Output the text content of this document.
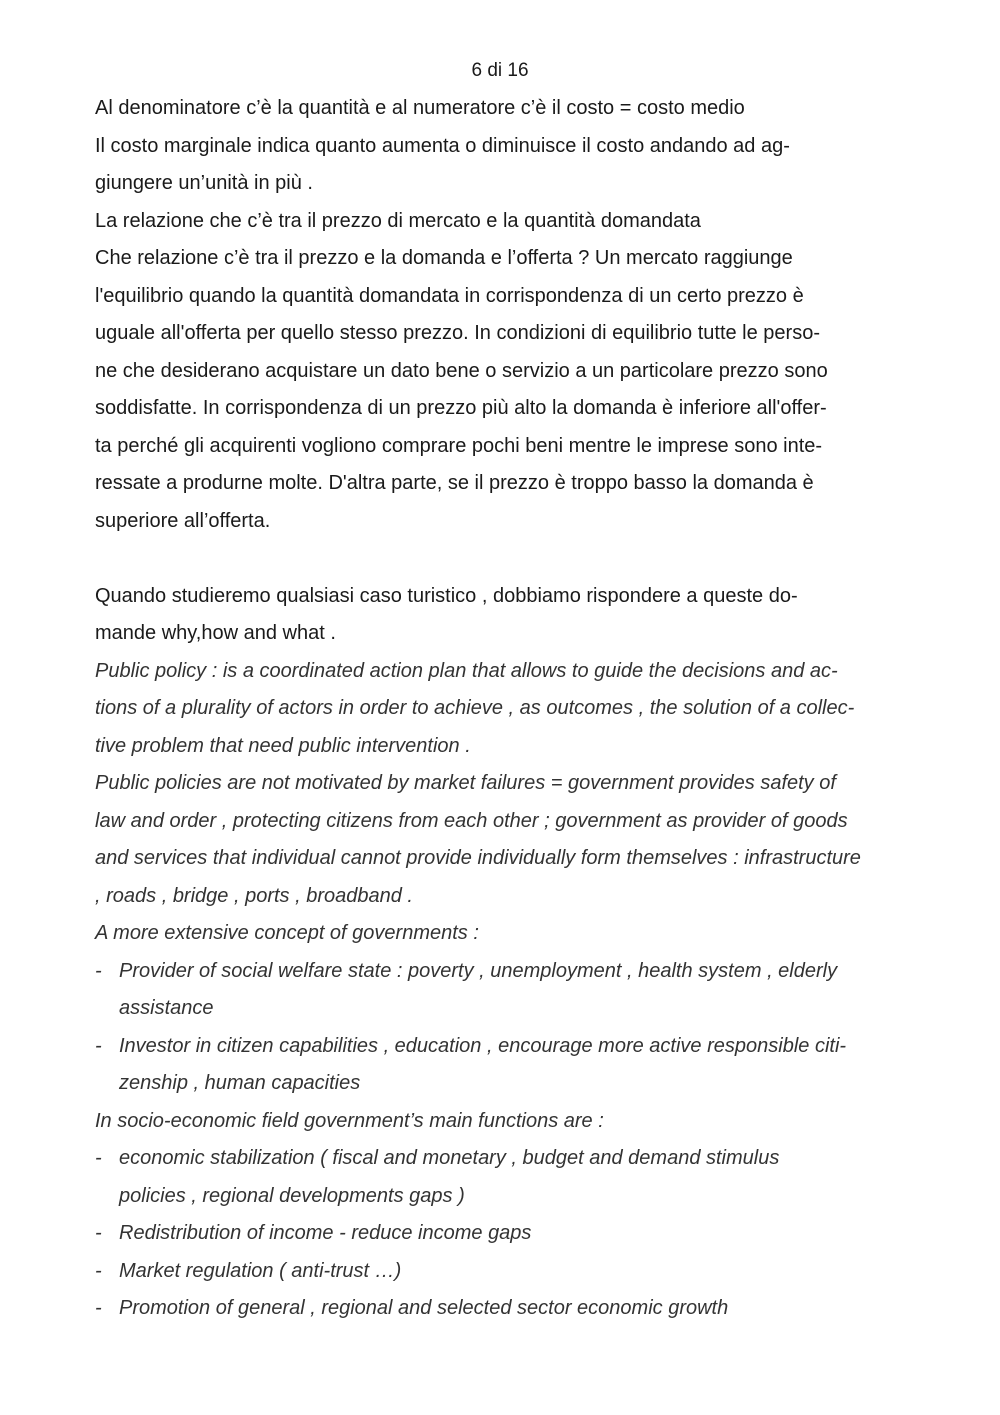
6 di 16
Al denominatore c’è la quantità e al numeratore c’è il costo = costo medio
Il costo marginale indica quanto aumenta o diminuisce il costo andando ad ag-
giungere un’unità in più .
La relazione che c’è tra il prezzo di mercato e la quantità domandata
Che relazione c’è tra il prezzo e la domanda e l’offerta ? Un mercato raggiunge
l'equilibrio quando la quantità domandata in corrispondenza di un certo prezzo è
uguale all'offerta per quello stesso prezzo. In condizioni di equilibrio tutte le perso-
ne che desiderano acquistare un dato bene o servizio a un particolare prezzo sono
soddisfatte. In corrispondenza di un prezzo più alto la domanda è inferiore all'offer-
ta perché gli acquirenti vogliono comprare pochi beni mentre le imprese sono inte-
ressate a produrne molte. D'altra parte, se il prezzo è troppo basso la domanda è
superiore all’offerta.
Quando studieremo qualsiasi caso turistico , dobbiamo rispondere a queste do-
mande why,how and what .
Public policy : is a coordinated action plan that allows to guide the decisions and ac-
tions of a plurality of actors in order to achieve , as outcomes , the solution of a collec-
tive problem that need public intervention .
Public policies are not motivated by market failures = government provides safety of
law and order , protecting citizens from each other ; government as provider of goods
and services that individual cannot provide individually form themselves : infrastructure
, roads , bridge , ports , broadband .
A more extensive concept of governments :
- Provider of social welfare state : poverty , unemployment , health system , elderly
assistance
- Investor in citizen capabilities , education , encourage more active responsible citi-
zenship , human capacities
In socio-economic field government’s main functions are :
- economic stabilization ( fiscal and monetary , budget and demand stimulus
policies , regional developments gaps )
- Redistribution of income - reduce income gaps
- Market regulation ( anti-trust …)
- Promotion of general , regional and selected sector economic growth
